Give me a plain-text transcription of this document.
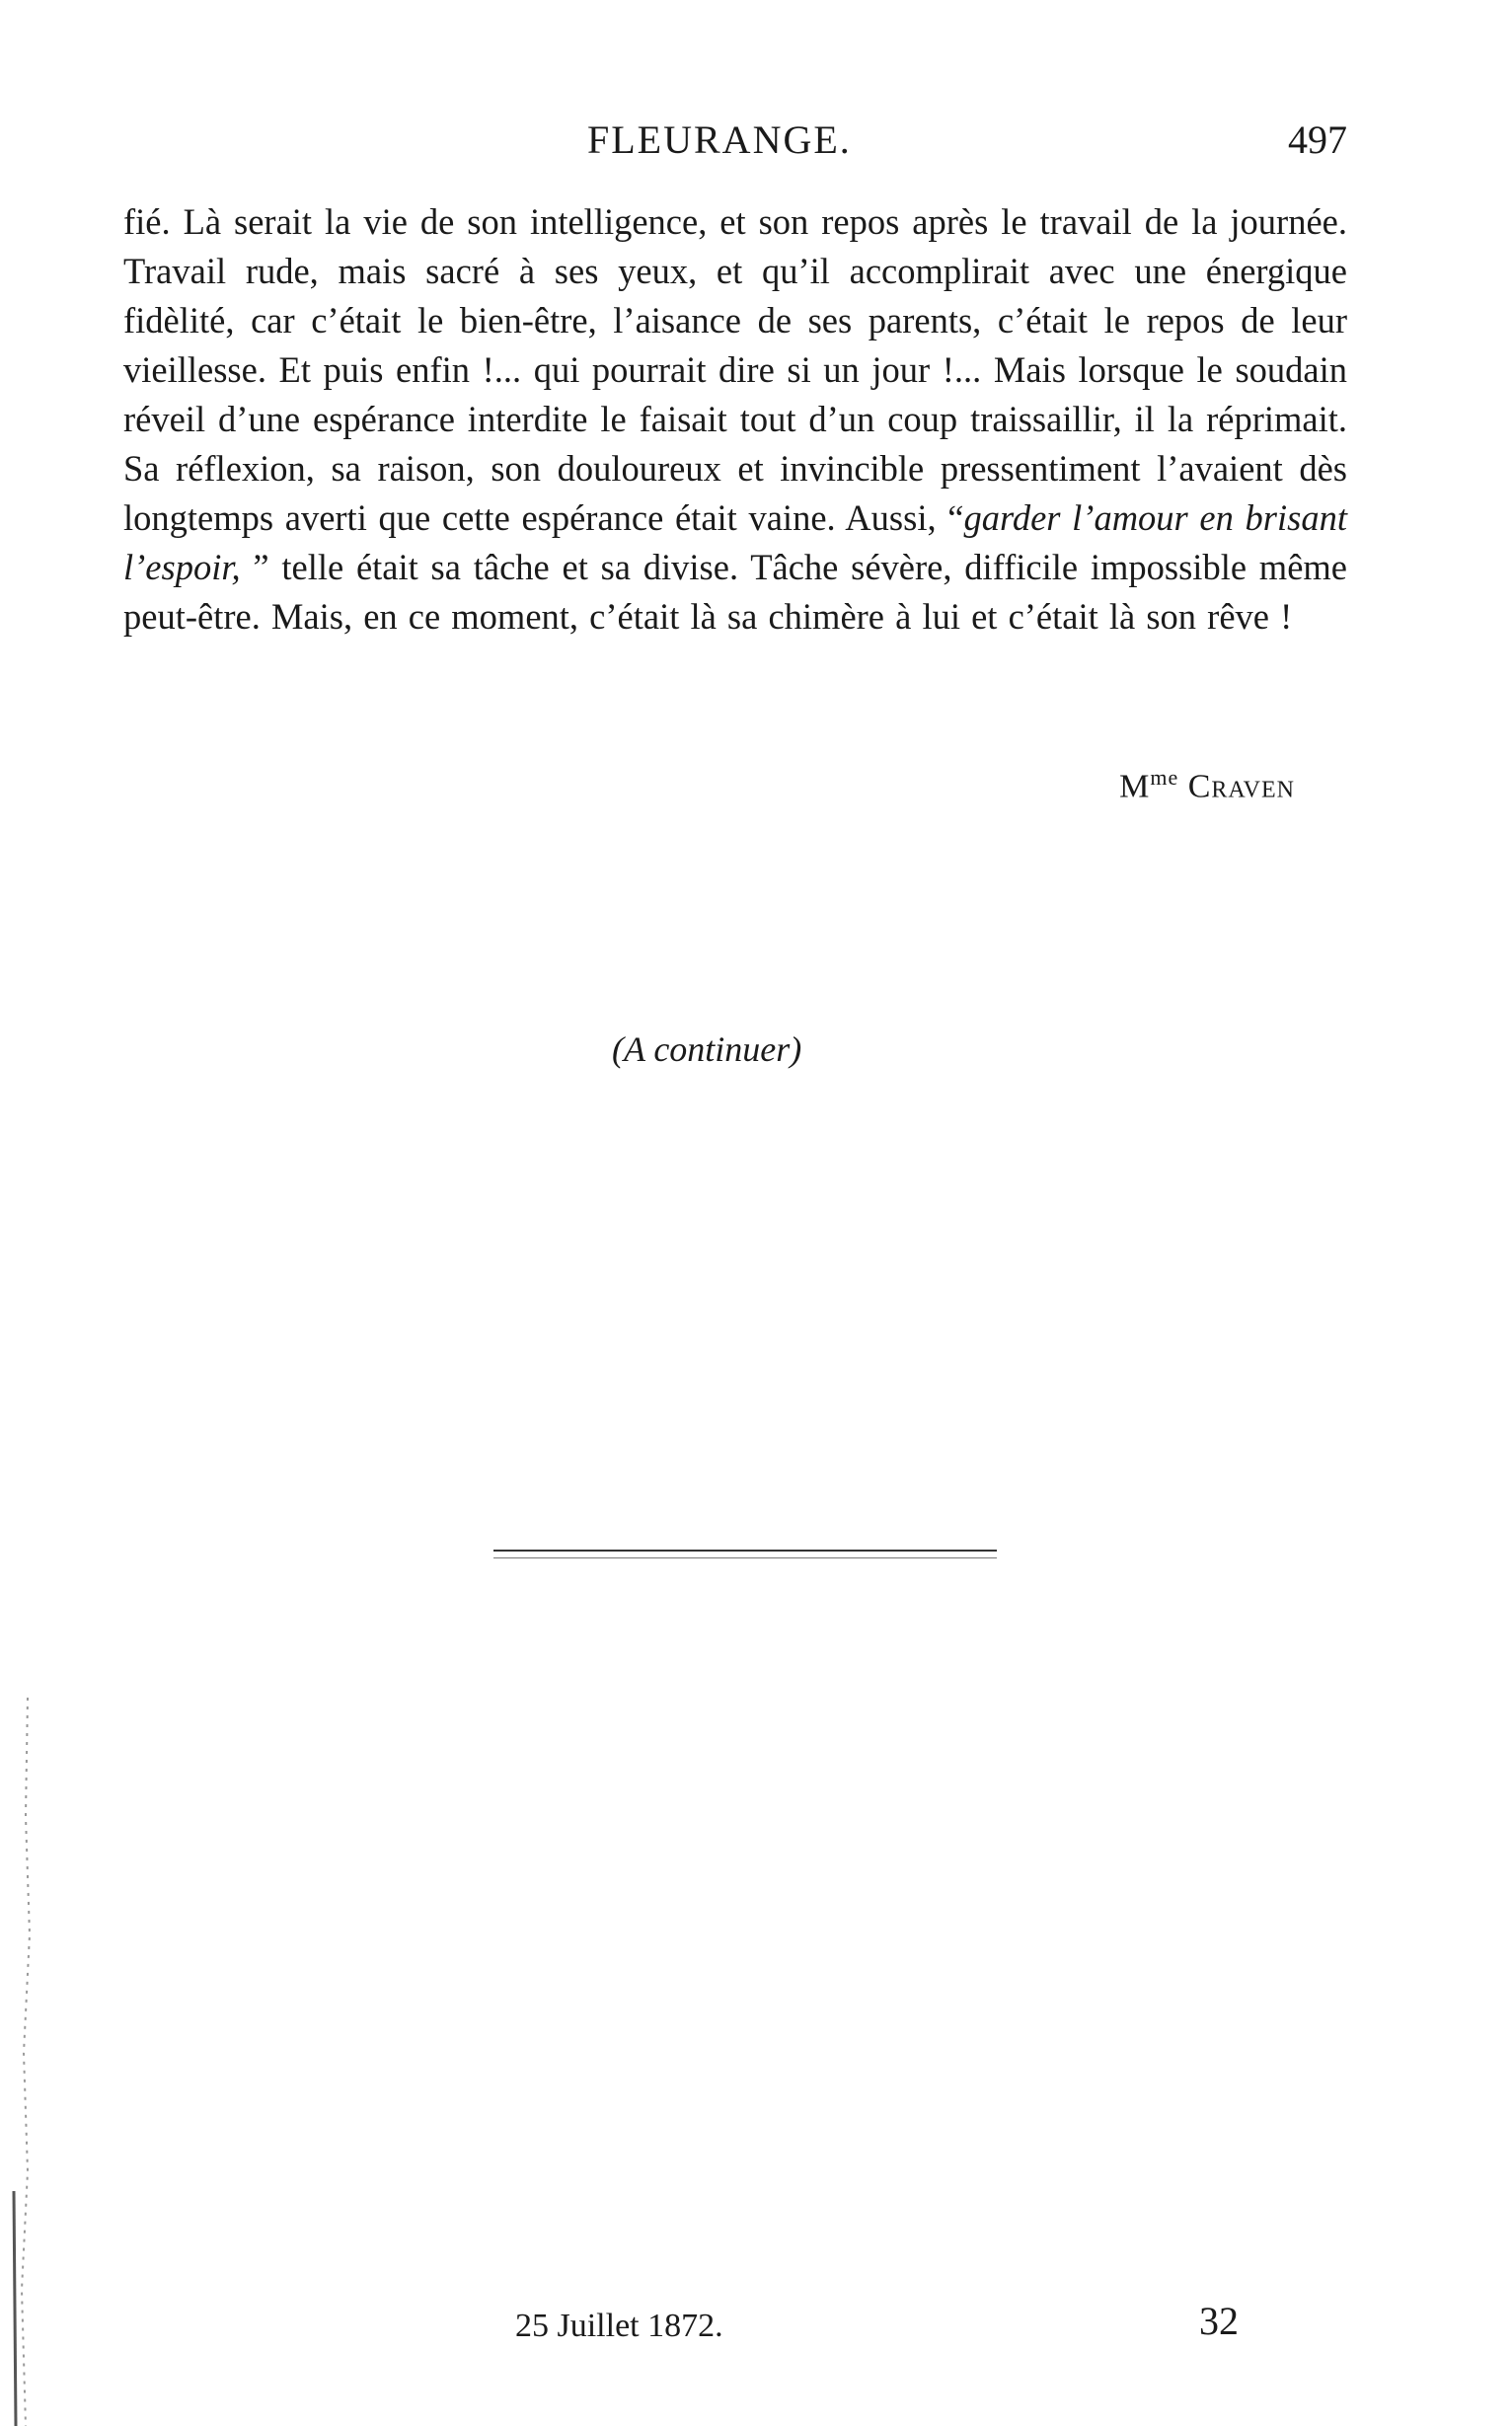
FLEURANGE.	497

fié. Là serait la vie de son intelligence, et son repos après le travail de la journée. Travail rude, mais sacré à ses yeux, et qu’il accomplirait avec une énergique fidèlité, car c’était le bien-être, l’aisance de ses parents, c’était le repos de leur vieillesse. Et puis enfin !... qui pourrait dire si un jour !... Mais lorsque le soudain réveil d’une espérance interdite le faisait tout d’un coup traissaillir, il la réprimait. Sa réflexion, sa raison, son douloureux et invincible pressentiment l’avaient dès longtemps averti que cette espérance était vaine. Aussi, “garder l’amour en brisant l’espoir, ” telle était sa tâche et sa divise. Tâche sévère, difficile impossible même peut-être. Mais, en ce moment, c’était là sa chimère à lui et c’était là son rêve !

$M^{me}$ Craven
(A continuer)
25 Juillet 1872.	32
